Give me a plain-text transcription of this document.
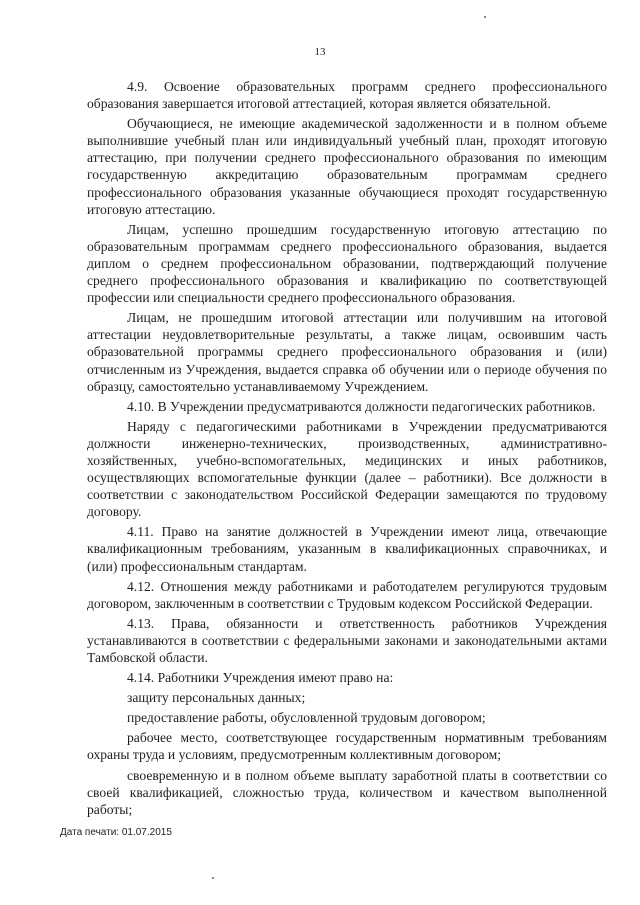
13

4.9. Освоение образовательных программ среднего профессионального образования завершается итоговой аттестацией, которая является обязательной.

Обучающиеся, не имеющие академической задолженности и в полном объеме выполнившие учебный план или индивидуальный учебный план, проходят итоговую аттестацию, при получении среднего профессионального образования по имеющим государственную аккредитацию образовательным программам среднего профессионального образования указанные обучающиеся проходят государственную итоговую аттестацию.

Лицам, успешно прошедшим государственную итоговую аттестацию по образовательным программам среднего профессионального образования, выдается диплом о среднем профессиональном образовании, подтверждающий получение среднего профессионального образования и квалификацию по соответствующей профессии или специальности среднего профессионального образования.

Лицам, не прошедшим итоговой аттестации или получившим на итоговой аттестации неудовлетворительные результаты, а также лицам, освоившим часть образовательной программы среднего профессионального образования и (или) отчисленным из Учреждения, выдается справка об обучении или о периоде обучения по образцу, самостоятельно устанавливаемому Учреждением.

4.10. В Учреждении предусматриваются должности педагогических работников.

Наряду с педагогическими работниками в Учреждении предусматриваются должности инженерно-технических, производственных, административно-хозяйственных, учебно-вспомогательных, медицинских и иных работников, осуществляющих вспомогательные функции (далее – работники). Все должности в соответствии с законодательством Российской Федерации замещаются по трудовому договору.

4.11. Право на занятие должностей в Учреждении имеют лица, отвечающие квалификационным требованиям, указанным в квалификационных справочниках, и (или) профессиональным стандартам.

4.12. Отношения между работниками и работодателем регулируются трудовым договором, заключенным в соответствии с Трудовым кодексом Российской Федерации.

4.13. Права, обязанности и ответственность работников Учреждения устанавливаются в соответствии с федеральными законами и законодательными актами Тамбовской области.

4.14. Работники Учреждения имеют право на:

защиту персональных данных;

предоставление работы, обусловленной трудовым договором;

рабочее место, соответствующее государственным нормативным требованиям охраны труда и условиям, предусмотренным коллективным договором;

своевременную и в полном объеме выплату заработной платы в соответствии со своей квалификацией, сложностью труда, количеством и качеством выполненной работы;

Дата печати: 01.07.2015
